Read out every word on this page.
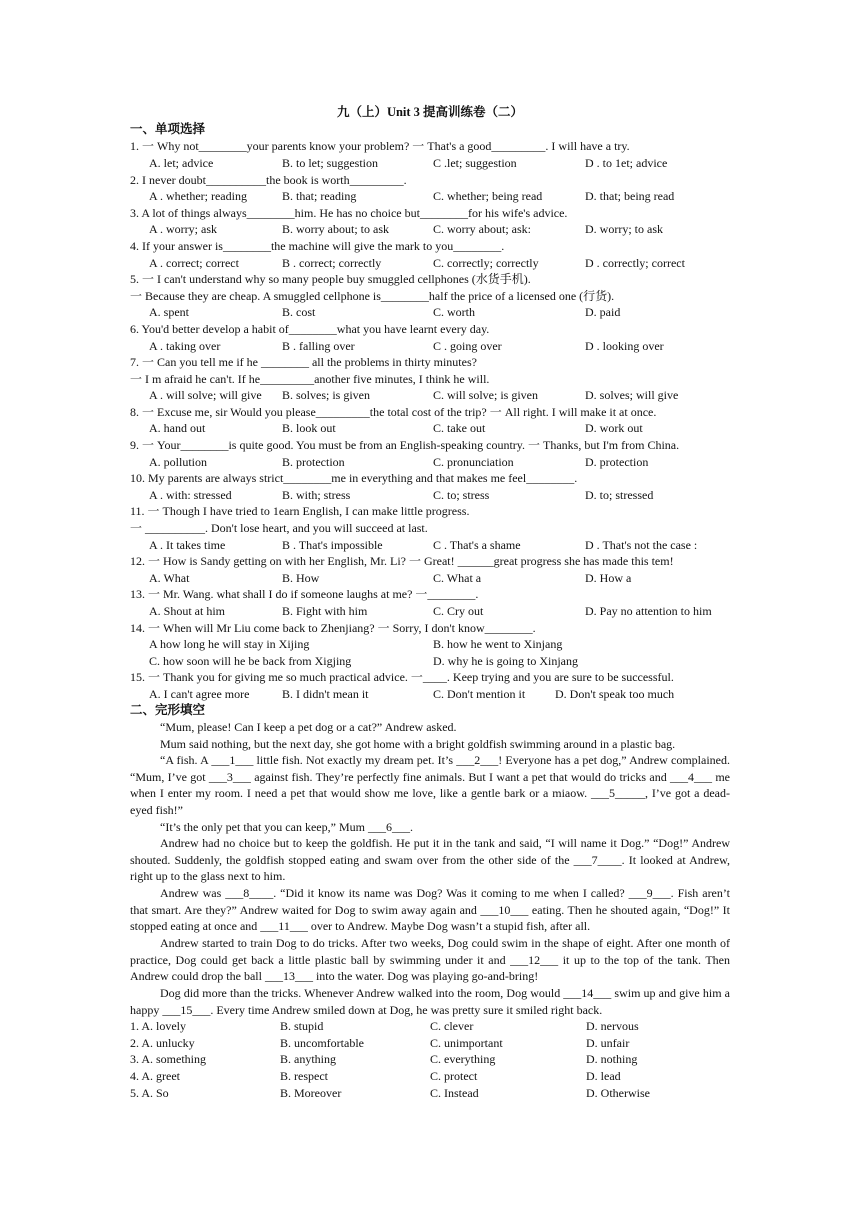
九（上）Unit 3 提高训练卷（二）
一、单项选择
1. 一 Why not________your parents know your problem? 一 That's a good_________. I will have a try.
A. let; advice	B. to let; suggestion	C .let; suggestion	D . to 1et; advice
2. I never doubt__________the book is worth_________.
A . whether; reading	B. that; reading	C. whether; being read	D. that; being read
3. A lot of things always________him. He has no choice but________for his wife's advice.
A . worry; ask	B. worry about; to ask	C. worry about; ask:	D. worry; to ask
4. If your answer is________the machine will give the mark to you________.
A . correct; correct	B . correct; correctly	C. correctly; correctly	D . correctly; correct
5. 一 I can't understand why so many people buy smuggled cellphones (水货手机).
一 Because they are cheap. A smuggled cellphone is________half the price of a licensed one (行货).
A. spent	B. cost	C. worth	D. paid
6. You'd better develop a habit of________what you have learnt every day.
A . taking over	B . falling over	C . going over	D . looking over
7. 一 Can you tell me if he ________ all the problems in thirty minutes?
一 I m afraid he can't. If he_________another five minutes, I think he will.
A . will solve; will give B. solves; is given	C. will solve; is given	D. solves; will give
8. 一 Excuse me, sir Would you please_________the total cost of the trip? 一 All right. I will make it at once.
A. hand out	B. look out	C. take out	D. work out
9. 一 Your________is quite good. You must be from an English-speaking country. 一 Thanks, but I'm from China.
A. pollution	B. protection	C. pronunciation	D. protection
10. My parents are always strict________me in everything and that makes me feel________.
A . with: stressed	B. with; stress	C. to; stress	D. to; stressed
11. 一 Though I have tried to 1earn English, I can make little progress.
一 __________. Don't lose heart, and you will succeed at last.
A . It takes time	B . That's impossible	C . That's a shame	D . That's not the case :
12. 一 How is Sandy getting on with her English, Mr. Li? 一 Great! ______great progress she has made this tem!
A. What	B. How	C. What a	D. How a
13. 一 Mr. Wang. what shall I do if someone laughs at me? 一________.
A. Shout at him	B. Fight with him	C. Cry out	D. Pay no attention to him
14. 一 When will Mr Liu come back to Zhenjiang? 一 Sorry, I don't know________.
A how long he will stay in Xijing	B. how he went to Xinjang
C. how soon will he be back from Xigjing	D. why he is going to Xinjang
15. 一 Thank you for giving me so much practical advice. 一____. Keep trying and you are sure to be successful.
A. I can't agree more	B. I didn't mean it	C. Don't mention it D. Don't speak too much
二、完形填空
“Mum, please! Can I keep a pet dog or a cat?” Andrew asked.
Mum said nothing, but the next day, she got home with a bright goldfish swimming around in a plastic bag.
“A fish. A ___1___ little fish. Not exactly my dream pet. It’s ___2___! Everyone has a pet dog,” Andrew complained. “Mum, I’ve got ___3___ against fish. They’re perfectly fine animals. But I want a pet that would do tricks and ___4___ me when I enter my room. I need a pet that would show me love, like a gentle bark or a miaow. ___5_____, I’ve got a dead-eyed fish!”
“It’s the only pet that you can keep,” Mum ___6___.
Andrew had no choice but to keep the goldfish. He put it in the tank and said, “I will name it Dog.” “Dog!” Andrew shouted. Suddenly, the goldfish stopped eating and swam over from the other side of the ___7____. It looked at Andrew, right up to the glass next to him.
Andrew was ___8____. “Did it know its name was Dog? Was it coming to me when I called? ___9___. Fish aren’t that smart. Are they?” Andrew waited for Dog to swim away again and ___10___ eating. Then he shouted again, “Dog!” It stopped eating at once and ___11___ over to Andrew. Maybe Dog wasn’t a stupid fish, after all.
Andrew started to train Dog to do tricks. After two weeks, Dog could swim in the shape of eight. After one month of practice, Dog could get back a little plastic ball by swimming under it and ___12___ it up to the top of the tank. Then Andrew could drop the ball ___13___ into the water. Dog was playing go-and-bring!
Dog did more than the tricks. Whenever Andrew walked into the room, Dog would ___14___ swim up and give him a happy ___15___. Every time Andrew smiled down at Dog, he was pretty sure it smiled right back.
1. A. lovely	B. stupid	C. clever	D. nervous
2. A. unlucky	B. uncomfortable	C. unimportant	D. unfair
3. A. something	B. anything	C. everything	D. nothing
4. A. greet	B. respect	C. protect	D. lead
5. A. So	B. Moreover	C. Instead	D. Otherwise
